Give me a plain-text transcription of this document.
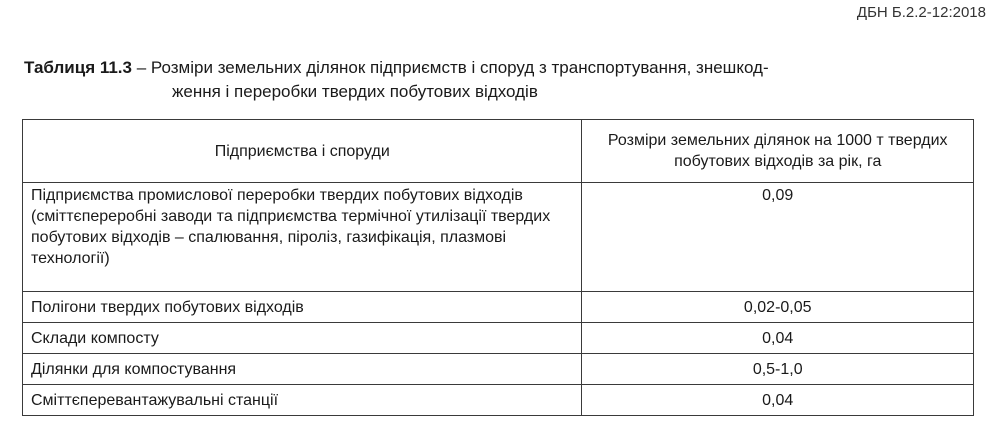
ДБН Б.2.2-12:2018
Таблиця 11.3 – Розміри земельних ділянок підприємств і споруд з транспортування, знешкод-
ження і переробки твердих побутових відходів
Підприємства і споруди	Розміри земельних ділянок на 1000 т твердих побутових відходів за рік, га
Підприємства промислової переробки твердих побутових відходів (сміттєпереробні заводи та підприємства термічної утилізації твердих побутових відходів – спалювання, піроліз, газифікація, плазмові технології)	0,09
Полігони твердих побутових відходів	0,02-0,05
Склади компосту	0,04
Ділянки для компостування	0,5-1,0
Сміттєперевантажувальні станції	0,04
